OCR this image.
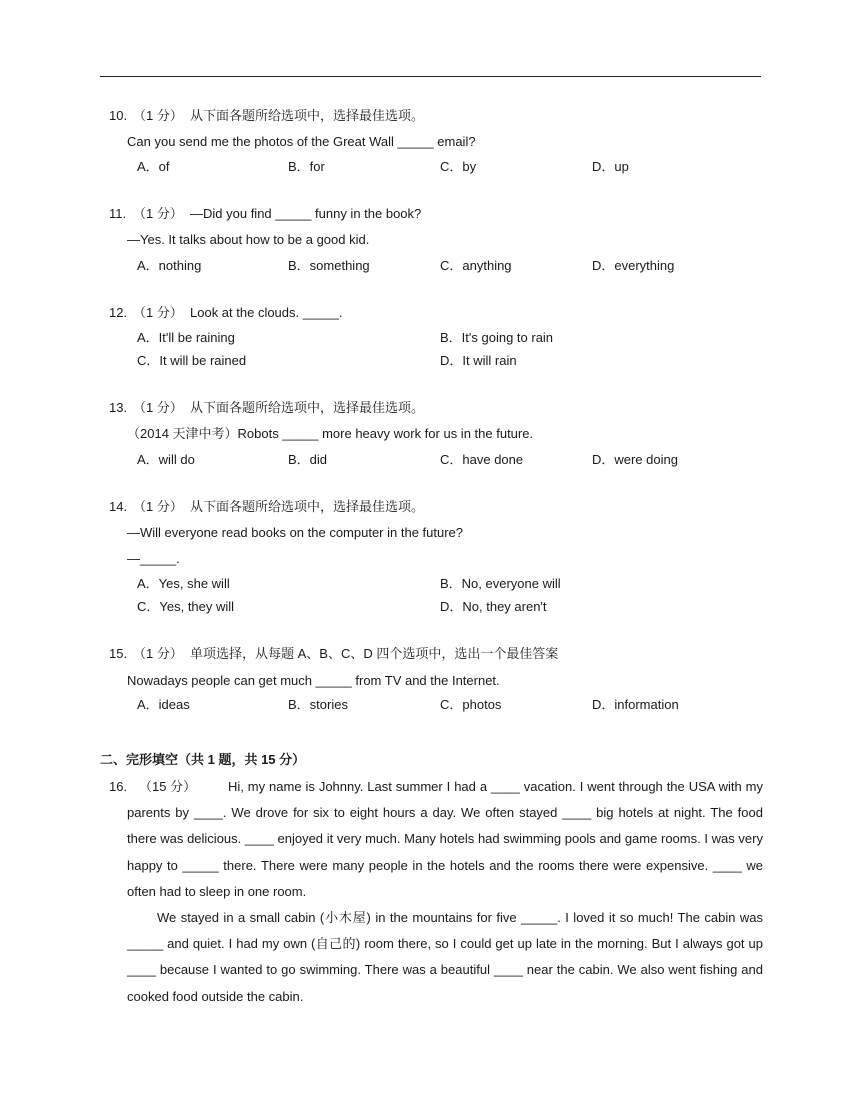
10. （1 分） 从下面各题所给选项中，选择最佳选项。
Can you send me the photos of the Great Wall _____ email?
A．of	B．for	C．by	D．up
11. （1 分） —Did you find _____ funny in the book?
—Yes. It talks about how to be a good kid.
A．nothing	B．something	C．anything	D．everything
12. （1 分） Look at the clouds. _____.
A．It'll be raining	B．It's going to rain
C．It will be rained	D．It will rain
13. （1 分） 从下面各题所给选项中，选择最佳选项。
（2014 天津中考）Robots _____ more heavy work for us in the future.
A．will do	B．did	C．have done	D．were doing
14. （1 分） 从下面各题所给选项中，选择最佳选项。
—Will everyone read books on the computer in the future?
—_____.
A．Yes, she will	B．No, everyone will
C．Yes, they will	D．No, they aren't
15. （1 分） 单项选择，从每题 A、B、C、D 四个选项中，选出一个最佳答案
Nowadays people can get much _____ from TV and the Internet.
A．ideas	B．stories	C．photos	D．information
二、完形填空（共 1 题，共 15 分）
16. （15 分）	Hi, my name is Johnny. Last summer I had a ____ vacation. I went through the USA with my parents by ____. We drove for six to eight hours a day. We often stayed ____ big hotels at night. The food there was delicious. ____ enjoyed it very much. Many hotels had swimming pools and game rooms. I was very happy to _____ there. There were many people in the hotels and the rooms there were expensive. ____ we often had to sleep in one room.

We stayed in a small cabin (小木屋) in the mountains for five _____. I loved it so much! The cabin was _____ and quiet. I had my own (自己的) room there, so I could get up late in the morning. But I always got up ____ because I wanted to go swimming. There was a beautiful ____ near the cabin. We also went fishing and cooked food outside the cabin.
